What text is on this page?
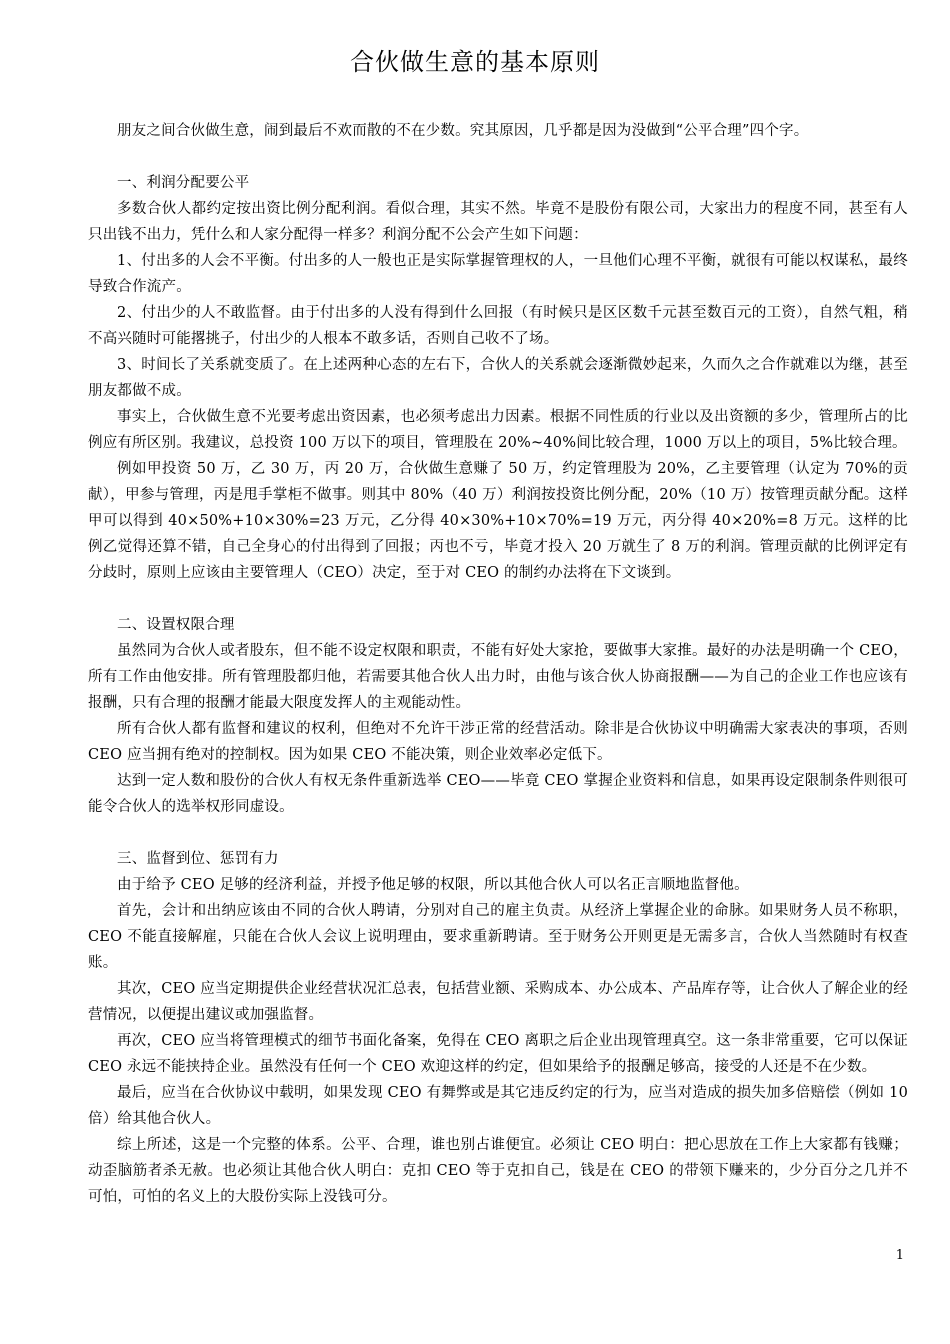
合伙做生意的基本原则

朋友之间合伙做生意，闹到最后不欢而散的不在少数。究其原因，几乎都是因为没做到“公平合理”四个字。

一、利润分配要公平

多数合伙人都约定按出资比例分配利润。看似合理，其实不然。毕竟不是股份有限公司，大家出力的程度不同，甚至有人只出钱不出力，凭什么和人家分配得一样多？利润分配不公会产生如下问题：

1、付出多的人会不平衡。付出多的人一般也正是实际掌握管理权的人，一旦他们心理不平衡，就很有可能以权谋私，最终导致合作流产。

2、付出少的人不敢监督。由于付出多的人没有得到什么回报（有时候只是区区数千元甚至数百元的工资），自然气粗，稍不高兴随时可能撂挑子，付出少的人根本不敢多话，否则自己收不了场。

3、时间长了关系就变质了。在上述两种心态的左右下，合伙人的关系就会逐渐微妙起来，久而久之合作就难以为继，甚至朋友都做不成。

事实上，合伙做生意不光要考虑出资因素，也必须考虑出力因素。根据不同性质的行业以及出资额的多少，管理所占的比例应有所区别。我建议，总投资 100 万以下的项目，管理股在 20%~40%间比较合理，1000 万以上的项目，5%比较合理。

例如甲投资 50 万，乙 30 万，丙 20 万，合伙做生意赚了 50 万，约定管理股为 20%，乙主要管理（认定为 70%的贡献），甲参与管理，丙是甩手掌柜不做事。则其中 80%（40 万）利润按投资比例分配，20%（10 万）按管理贡献分配。这样甲可以得到 40×50%+10×30%=23 万元，乙分得 40×30%+10×70%=19 万元，丙分得 40×20%=8 万元。这样的比例乙觉得还算不错，自己全身心的付出得到了回报；丙也不亏，毕竟才投入 20 万就生了 8 万的利润。管理贡献的比例评定有分歧时，原则上应该由主要管理人（CEO）决定，至于对 CEO 的制约办法将在下文谈到。

二、设置权限合理

虽然同为合伙人或者股东，但不能不设定权限和职责，不能有好处大家抢，要做事大家推。最好的办法是明确一个 CEO，所有工作由他安排。所有管理股都归他，若需要其他合伙人出力时，由他与该合伙人协商报酬——为自己的企业工作也应该有报酬，只有合理的报酬才能最大限度发挥人的主观能动性。

所有合伙人都有监督和建议的权利，但绝对不允许干涉正常的经营活动。除非是合伙协议中明确需大家表决的事项，否则 CEO 应当拥有绝对的控制权。因为如果 CEO 不能决策，则企业效率必定低下。

达到一定人数和股份的合伙人有权无条件重新选举 CEO——毕竟 CEO 掌握企业资料和信息，如果再设定限制条件则很可能令合伙人的选举权形同虚设。

三、监督到位、惩罚有力

由于给予 CEO 足够的经济利益，并授予他足够的权限，所以其他合伙人可以名正言顺地监督他。

首先，会计和出纳应该由不同的合伙人聘请，分别对自己的雇主负责。从经济上掌握企业的命脉。如果财务人员不称职，CEO 不能直接解雇，只能在合伙人会议上说明理由，要求重新聘请。至于财务公开则更是无需多言，合伙人当然随时有权查账。

其次，CEO 应当定期提供企业经营状况汇总表，包括营业额、采购成本、办公成本、产品库存等，让合伙人了解企业的经营情况，以便提出建议或加强监督。

再次，CEO 应当将管理模式的细节书面化备案，免得在 CEO 离职之后企业出现管理真空。这一条非常重要，它可以保证 CEO 永远不能挟持企业。虽然没有任何一个 CEO 欢迎这样的约定，但如果给予的报酬足够高，接受的人还是不在少数。

最后，应当在合伙协议中载明，如果发现 CEO 有舞弊或是其它违反约定的行为，应当对造成的损失加多倍赔偿（例如 10 倍）给其他合伙人。

综上所述，这是一个完整的体系。公平、合理，谁也别占谁便宜。必须让 CEO 明白：把心思放在工作上大家都有钱赚；动歪脑筋者杀无赦。也必须让其他合伙人明白：克扣 CEO 等于克扣自己，钱是在 CEO 的带领下赚来的，少分百分之几并不可怕，可怕的名义上的大股份实际上没钱可分。

1
